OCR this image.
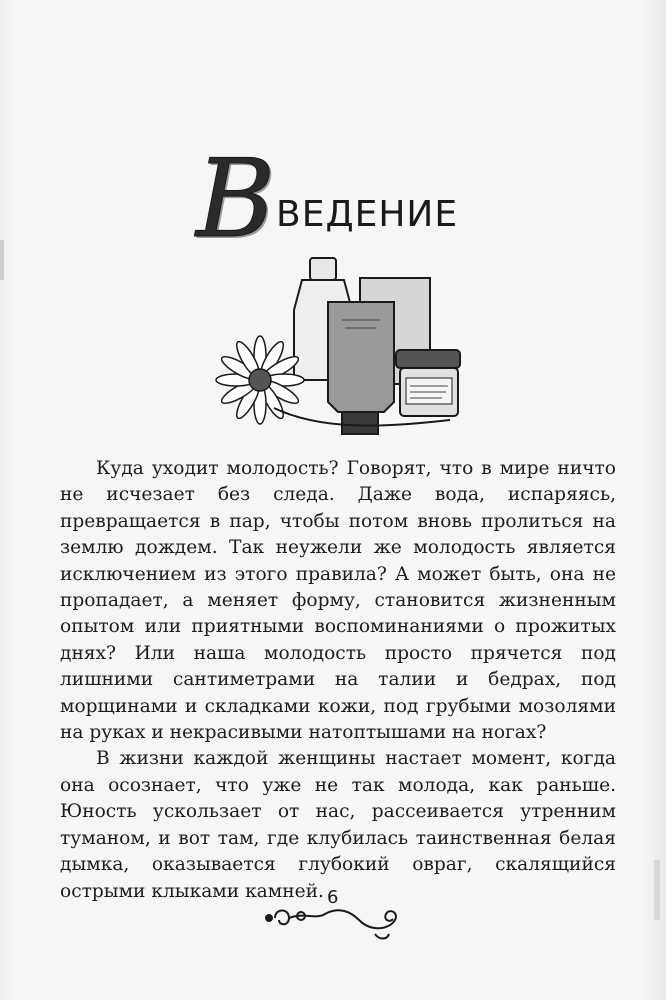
В ВЕДЕНИЕ

Куда уходит молодость? Говорят, что в мире ничто не исчезает без следа. Даже вода, испаряясь, превращается в пар, чтобы потом вновь пролиться на землю дождем. Так неужели же молодость является исключением из этого правила? А может быть, она не пропадает, а меняет форму, становится жизненным опытом или приятными воспоминаниями о прожитых днях? Или наша молодость просто прячется под лишними сантиметрами на талии и бедрах, под морщинами и складками кожи, под грубыми мозолями на руках и некрасивыми натоптышами на ногах?

В жизни каждой женщины настает момент, когда она осознает, что уже не так молода, как раньше. Юность ускользает от нас, рассеивается утренним туманом, и вот там, где клубилась таинственная белая дымка, оказывается глубокий овраг, скалящийся острыми клыками камней. 6
